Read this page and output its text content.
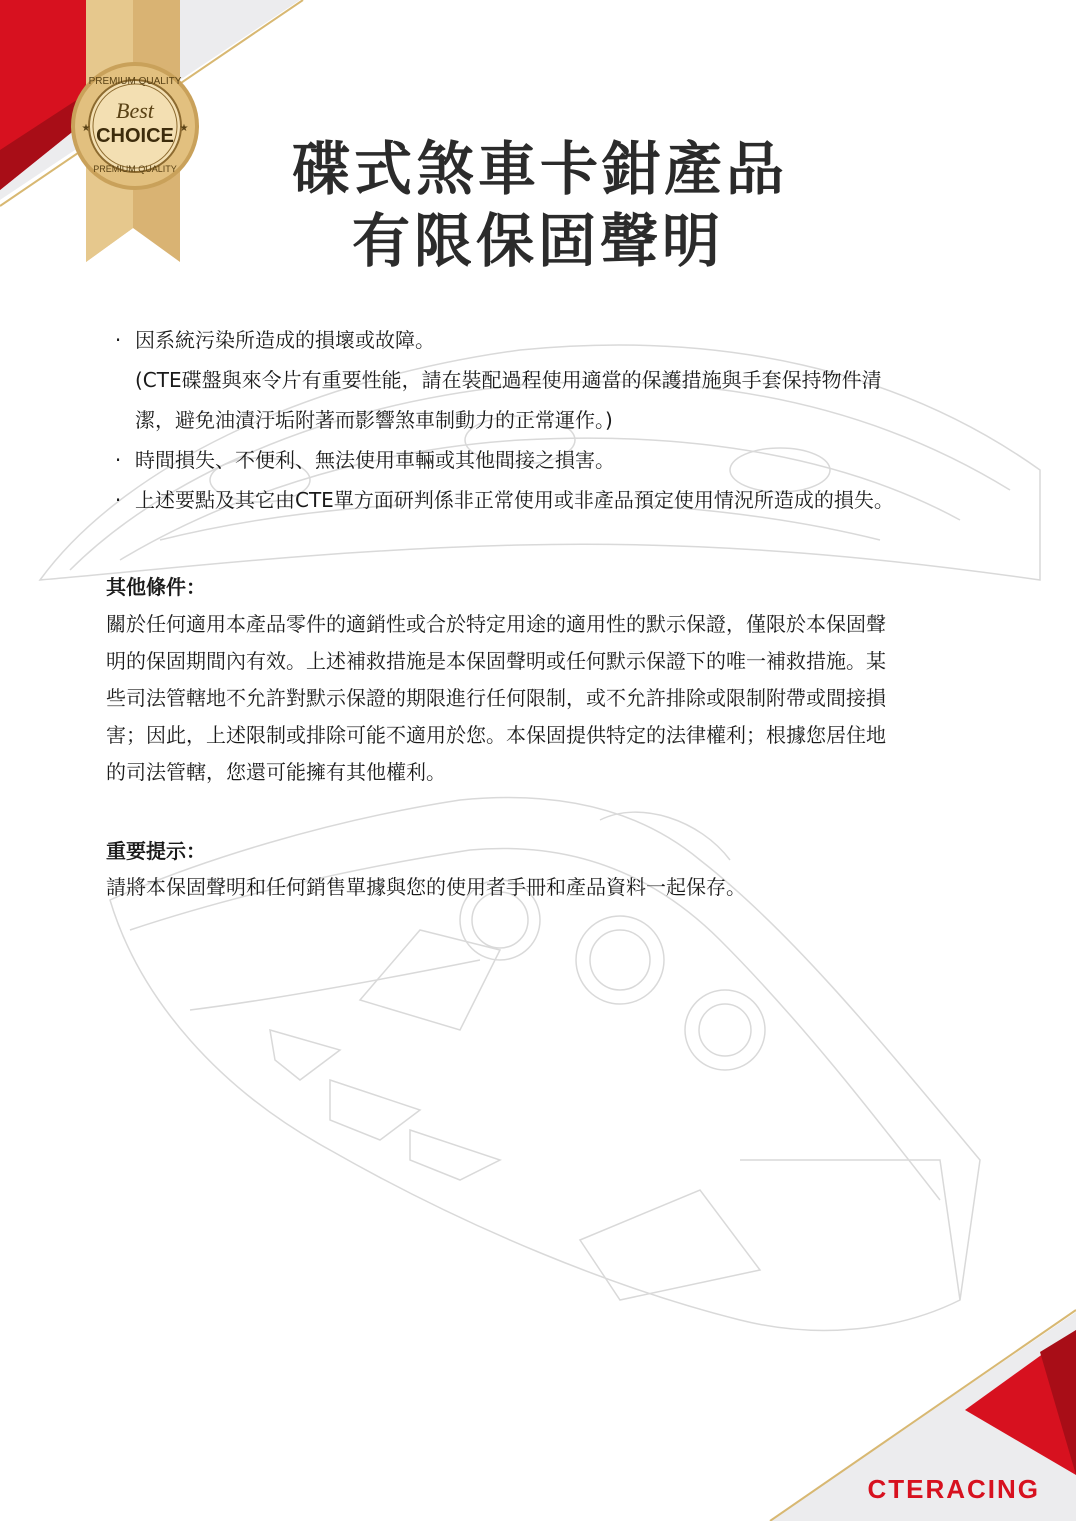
PREMIUM QUALITY
Best
CHOICE
PREMIUM QUALITY
★	★
CTERACING
碟式煞車卡鉗產品
有限保固聲明
· 因系統污染所造成的損壞或故障。
(CTE碟盤與來令片有重要性能，請在裝配過程使用適當的保護措施與手套保持物件清
潔，避免油漬汙垢附著而影響煞車制動力的正常運作。)
· 時間損失、不便利、無法使用車輛或其他間接之損害。
· 上述要點及其它由CTE單方面研判係非正常使用或非產品預定使用情況所造成的損失。
其他條件：
關於任何適用本產品零件的適銷性或合於特定用途的適用性的默示保證，僅限於本保固聲
明的保固期間內有效。上述補救措施是本保固聲明或任何默示保證下的唯一補救措施。某
些司法管轄地不允許對默示保證的期限進行任何限制，或不允許排除或限制附帶或間接損
害；因此，上述限制或排除可能不適用於您。本保固提供特定的法律權利；根據您居住地
的司法管轄，您還可能擁有其他權利。
重要提示：

請將本保固聲明和任何銷售單據與您的使用者手冊和產品資料一起保存。
